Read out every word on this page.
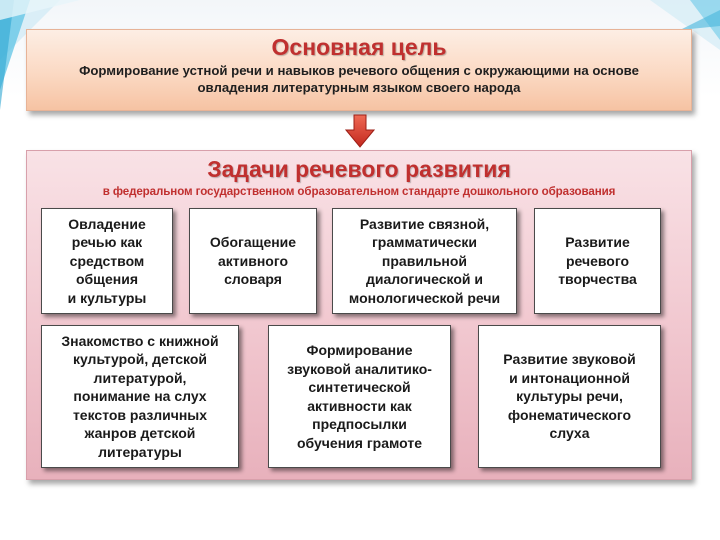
Основная цель
Формирование устной речи и навыков речевого общения с окружающими на основе овладения литературным языком своего народа
Задачи речевого развития
в федеральном государственном образовательном стандарте дошкольного образования
Овладение
речью как
средством
общения
и культуры
Обогащение
активного
словаря
Развитие связной,
грамматически
правильной
диалогической и
монологической речи
Развитие
речевого
творчества
Знакомство с книжной
культурой, детской
литературой,
понимание на слух
текстов различных
жанров детской
литературы
Формирование
звуковой аналитико-
синтетической
активности как
предпосылки
обучения грамоте
Развитие звуковой
и интонационной
культуры речи,
фонематического
слуха
